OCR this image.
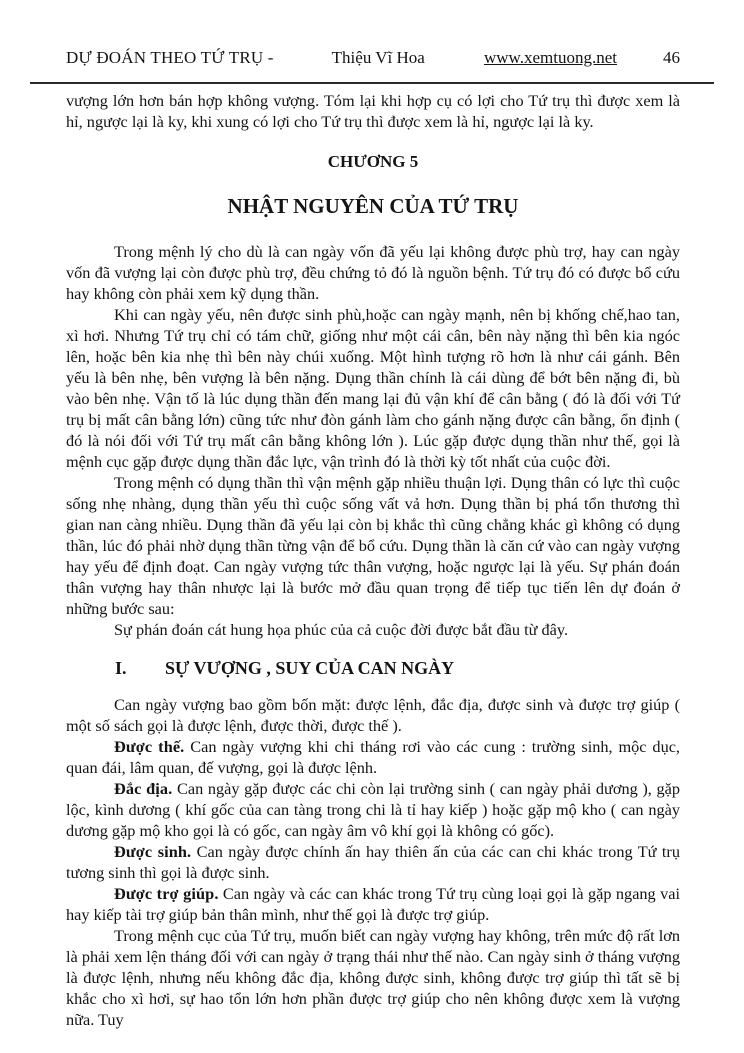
DỰ ĐOÁN THEO TỨ TRỤ -	Thiệu Vĩ Hoa	www.xemtuong.net	46

vượng lớn hơn bán hợp không vượng. Tóm lại khi hợp cụ có lợi cho Tứ trụ thì được xem là hỉ, ngược lại là ky, khi xung có lợi cho Tứ trụ thì được xem là hỉ, ngược lại là ky.

CHƯƠNG 5
NHẬT NGUYÊN CỦA TỨ TRỤ

Trong mệnh lý cho dù là can ngày vốn đã yếu lại không được phù trợ, hay can ngày vốn đã vượng lại còn được phù trợ, đều chứng tỏ đó là nguồn bệnh. Tứ trụ đó có được bổ cứu hay không còn phải xem kỹ dụng thần.

Khi can ngày yếu, nên được sinh phù,hoặc can ngày mạnh, nên bị khống chế,hao tan, xì hơi. Nhưng Tứ trụ chỉ có tám chữ, giống như một cái cân, bên này nặng thì bên kia ngóc lên, hoặc bên kia nhẹ thì bên này chúi xuống. Một hình tượng rõ hơn là như cái gánh. Bên yếu là bên nhẹ, bên vượng là bên nặng. Dụng thần chính là cái dùng để bớt bên nặng đi, bù vào bên nhẹ. Vận tố là lúc dụng thần đến mang lại đủ vận khí để cân bằng ( đó là đối với Tứ trụ bị mất cân bằng lớn) cũng tức như đòn gánh làm cho gánh nặng được cân bằng, ổn định ( đó là nói đối với Tứ trụ mất cân bằng không lớn ). Lúc gặp được dụng thần như thế, gọi là mệnh cục gặp được dụng thần đắc lực, vận trình đó là thời kỳ tốt nhất của cuộc đời.

Trong mệnh có dụng thần thì vận mệnh gặp nhiều thuận lợi. Dụng thân có lực thì cuộc sống nhẹ nhàng, dụng thần yếu thì cuộc sống vất vả hơn. Dụng thần bị phá tổn thương thì gian nan càng nhiều. Dụng thần đã yếu lại còn bị khắc thì cũng chẳng khác gì không có dụng thần, lúc đó phải nhờ dụng thần từng vận để bổ cứu. Dụng thần là căn cứ vào can ngày vượng hay yếu để định đoạt. Can ngày vượng tức thân vượng, hoặc ngược lại là yếu. Sự phán đoán thân vượng hay thân nhược lại là bước mở đầu quan trọng để tiếp tục tiến lên dự đoán ở những bước sau:

Sự phán đoán cát hung họa phúc của cả cuộc đời được bắt đầu từ đây.

I. SỰ VƯỢNG , SUY CỦA CAN NGÀY

Can ngày vượng bao gồm bốn mặt: được lệnh, đắc địa, được sinh và được trợ giúp ( một số sách gọi là được lệnh, được thời, được thế ).

Được thế. Can ngày vượng khi chi tháng rơi vào các cung : trường sinh, mộc dục, quan đái, lâm quan, đế vượng, gọi là được lệnh.

Đắc địa. Can ngày gặp được các chi còn lại trường sinh ( can ngày phải dương ), gặp lộc, kình dương ( khí gốc của can tàng trong chi là tỉ hay kiếp ) hoặc gặp mộ kho ( can ngày dương gặp mộ kho gọi là có gốc, can ngày âm vô khí gọi là không có gốc).

Được sinh. Can ngày được chính ấn hay thiên ấn của các can chi khác trong Tứ trụ tương sinh thì gọi là được sinh.

Được trợ giúp. Can ngày và các can khác trong Tứ trụ cùng loại gọi là gặp ngang vai hay kiếp tài trợ giúp bản thân mình, như thế gọi là được trợ giúp.

Trong mệnh cục của Tứ trụ, muốn biết can ngày vượng hay không, trên mức độ rất lơn là phải xem lện tháng đối với can ngày ở trạng thái như thế nào. Can ngày sinh ở tháng vượng là được lệnh, nhưng nếu không đắc địa, không được sinh, không được trợ giúp thì tất sẽ bị khắc cho xì hơi, sự hao tổn lớn hơn phần được trợ giúp cho nên không được xem là vượng nữa. Tuy
